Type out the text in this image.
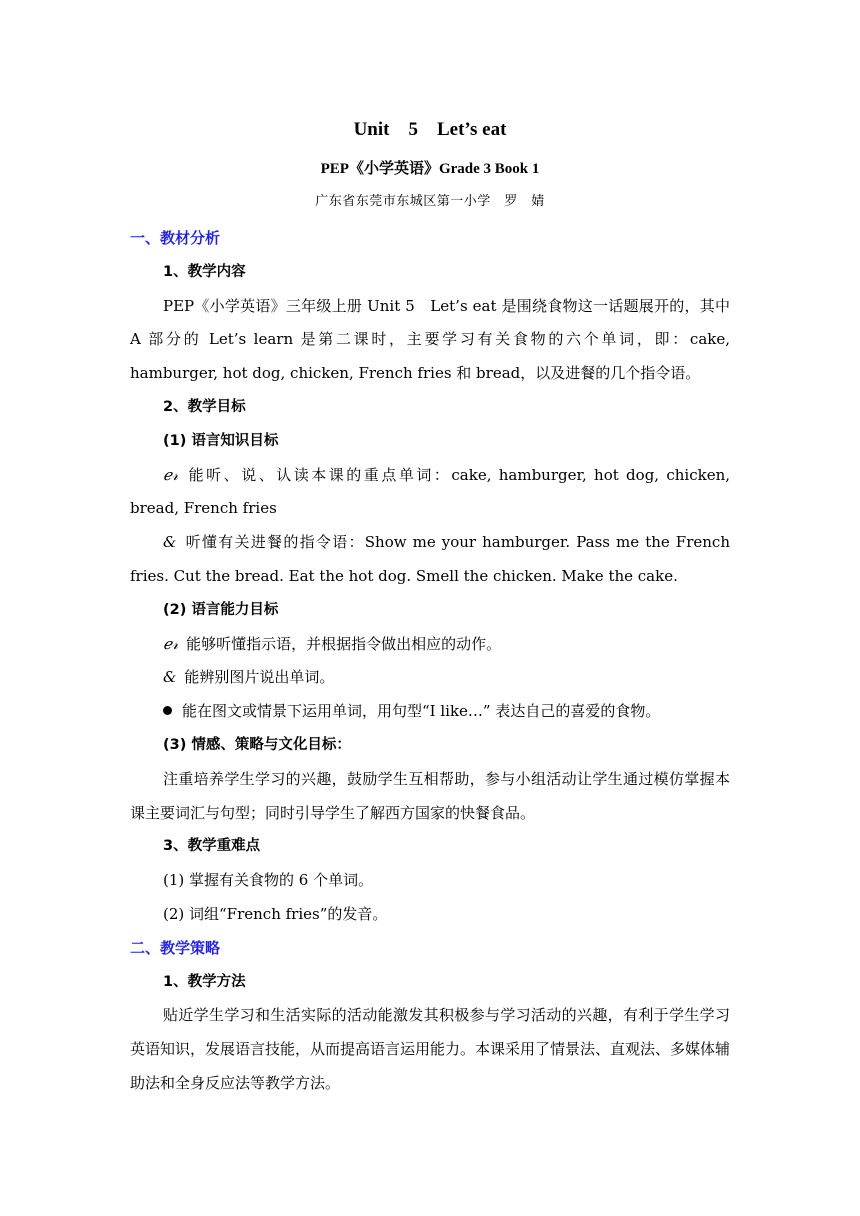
Unit　5　Let’s eat
PEP《小学英语》Grade 3 Book 1
广东省东莞市东城区第一小学　罗　婧
一、教材分析
1、教学内容
PEP《小学英语》三年级上册 Unit 5　Let’s eat 是围绕食物这一话题展开的，其中 A 部分的 Let’s learn 是第二课时，主要学习有关食物的六个单词，即：cake, hamburger, hot dog, chicken, French fries 和 bread，以及进餐的几个指令语。
2、教学目标
(1) 语言知识目标
ℯ𝓇 能听、说、认读本课的重点单词：cake, hamburger, hot dog, chicken, bread, French fries
& 听懂有关进餐的指令语：Show me your hamburger. Pass me the French fries. Cut the bread. Eat the hot dog. Smell the chicken. Make the cake.
(2) 语言能力目标
ℯ𝓇 能够听懂指示语，并根据指令做出相应的动作。
& 能辨别图片说出单词。
能在图文或情景下运用单词，用句型“I like…” 表达自己的喜爱的食物。
(3) 情感、策略与文化目标：
注重培养学生学习的兴趣，鼓励学生互相帮助，参与小组活动让学生通过模仿掌握本课主要词汇与句型；同时引导学生了解西方国家的快餐食品。
3、教学重难点
(1) 掌握有关食物的 6 个单词。
(2) 词组“French fries”的发音。
二、教学策略
1、教学方法
贴近学生学习和生活实际的活动能激发其积极参与学习活动的兴趣，有利于学生学习英语知识，发展语言技能，从而提高语言运用能力。本课采用了情景法、直观法、多媒体辅助法和全身反应法等教学方法。
